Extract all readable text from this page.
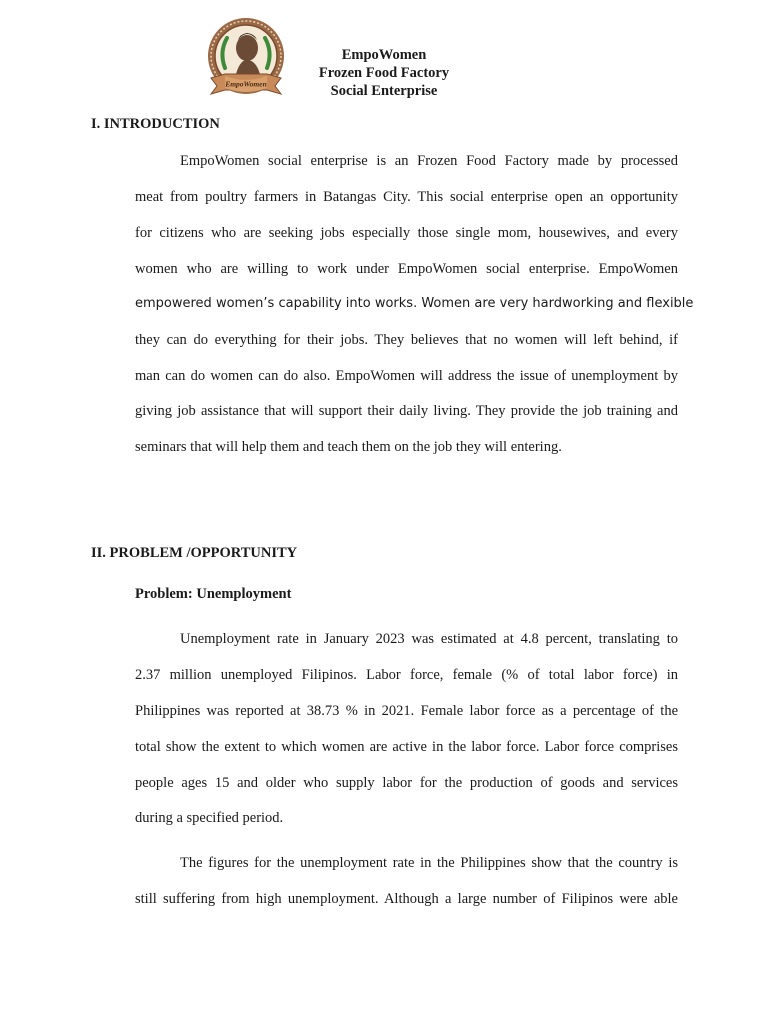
EmpoWomen
EmpoWomen
Frozen Food Factory
Social Enterprise
I. INTRODUCTION
EmpoWomen social enterprise is an Frozen Food Factory made by processed
meat from poultry farmers in Batangas City. This social enterprise open an opportunity
for citizens who are seeking jobs especially those single mom, housewives, and every
women who are willing to work under EmpoWomen social enterprise. EmpoWomen
empowered women’s capability into works. Women are very hardworking and flexible
they can do everything for their jobs. They believes that no women will left behind, if
man can do women can do also. EmpoWomen will address the issue of unemployment by
giving job assistance that will support their daily living. They provide the job training and
seminars that will help them and teach them on the job they will entering.
II. PROBLEM /OPPORTUNITY
Problem: Unemployment
Unemployment rate in January 2023 was estimated at 4.8 percent, translating to
2.37 million unemployed Filipinos. Labor force, female (% of total labor force) in
Philippines was reported at 38.73 % in 2021. Female labor force as a percentage of the
total show the extent to which women are active in the labor force. Labor force comprises
people ages 15 and older who supply labor for the production of goods and services
during a specified period.
The figures for the unemployment rate in the Philippines show that the country is
still suffering from high unemployment. Although a large number of Filipinos were able
